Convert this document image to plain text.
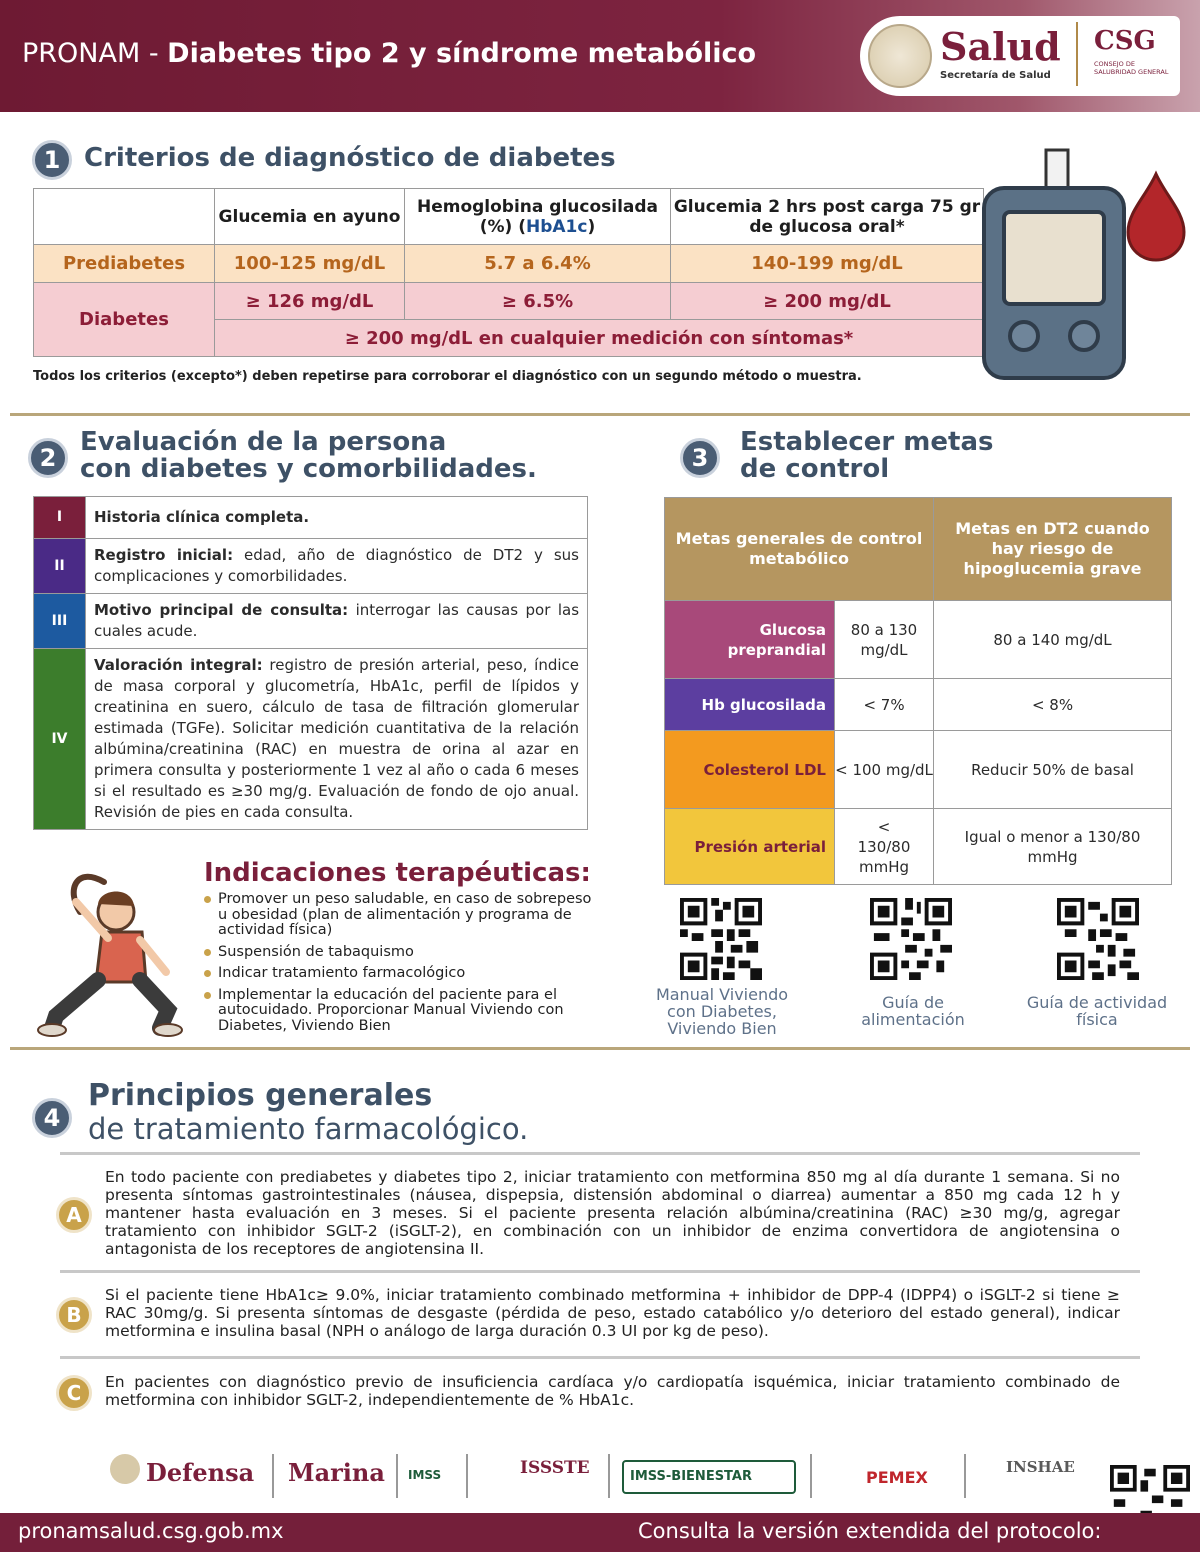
PRONAM - Diabetes tipo 2 y síndrome metabólico	Salud
Secretaría de Salud
CSG
CONSEJO DE SALUBRIDAD GENERAL
1 Criterios de diagnóstico de diabetes
	Glucemia en ayuno	Hemoglobina glucosilada (%) (HbA1c)	Glucemia 2 hrs post carga 75 gr de glucosa oral*
Prediabetes	100-125 mg/dL	5.7 a 6.4%	140-199 mg/dL
Diabetes	≥ 126 mg/dL	≥ 6.5%	≥ 200 mg/dL
	≥ 200 mg/dL en cualquier medición con síntomas*		
Todos los criterios (excepto*) deben repetirse para corroborar el diagnóstico con un segundo método o muestra.
2
Evaluación de la persona
con diabetes y comorbilidades.
I	Historia clínica completa.
II	Registro inicial: edad, año de diagnóstico de DT2 y sus complicaciones y comorbilidades.
III	Motivo principal de consulta: interrogar las causas por las cuales acude.
IV	Valoración integral: registro de presión arterial, peso, índice de masa corporal y glucometría, HbA1c, perfil de lípidos y creatinina en suero, cálculo de tasa de filtración glomerular estimada (TGFe). Solicitar medición cuantitativa de la relación albúmina/creatinina (RAC) en muestra de orina al azar en primera consulta y posteriormente 1 vez al año o cada 6 meses si el resultado es ≥30 mg/g. Evaluación de fondo de ojo anual. Revisión de pies en cada consulta.
Indicaciones terapéuticas:
Promover un peso saludable, en caso de sobrepeso u obesidad (plan de alimentación y programa de actividad física)
Suspensión de tabaquismo
Indicar tratamiento farmacológico
Implementar la educación del paciente para el autocuidado. Proporcionar Manual Viviendo con Diabetes, Viviendo Bien
3
Establecer metas
de control
Metas generales de control metabólico		Metas en DT2 cuando hay riesgo de hipoglucemia grave
Glucosa preprandial	80 a 130 mg/dL	80 a 140 mg/dL
Hb glucosilada	< 7%	< 8%
Colesterol LDL	< 100 mg/dL	Reducir 50% de basal
Presión arterial	< 130/80 mmHg	Igual o menor a 130/80 mmHg
Manual Viviendo con Diabetes, Viviendo Bien
Guía de alimentación
Guía de actividad física
4
Principios generales
de tratamiento farmacológico.
A
En todo paciente con prediabetes y diabetes tipo 2, iniciar tratamiento con metformina 850 mg al día durante 1 semana. Si no presenta síntomas gastrointestinales (náusea, dispepsia, distensión abdominal o diarrea) aumentar a 850 mg cada 12 h y mantener hasta evaluación en 3 meses. Si el paciente presenta relación albúmina/creatinina (RAC) ≥30 mg/g, agregar tratamiento con inhibidor SGLT-2 (iSGLT-2), en combinación con un inhibidor de enzima convertidora de angiotensina o antagonista de los receptores de angiotensina II.
B
Si el paciente tiene HbA1c≥ 9.0%, iniciar tratamiento combinado metformina + inhibidor de DPP-4 (IDPP4) o iSGLT-2 si tiene ≥ RAC 30mg/g. Si presenta síntomas de desgaste (pérdida de peso, estado catabólico y/o deterioro del estado general), indicar metformina e insulina basal (NPH o análogo de larga duración 0.3 UI por kg de peso).
C	En pacientes con diagnóstico previo de insuficiencia cardíaca y/o cardiopatía isquémica, iniciar tratamiento combinado de metformina con inhibidor SGLT-2, independientemente de % HbA1c.
Defensa Marina IMSS	ISSSTE	IMSS-BIENESTAR	PEMEX
INSHAE
pronamsalud.csg.gob.mx	Consulta la versión extendida del protocolo:
